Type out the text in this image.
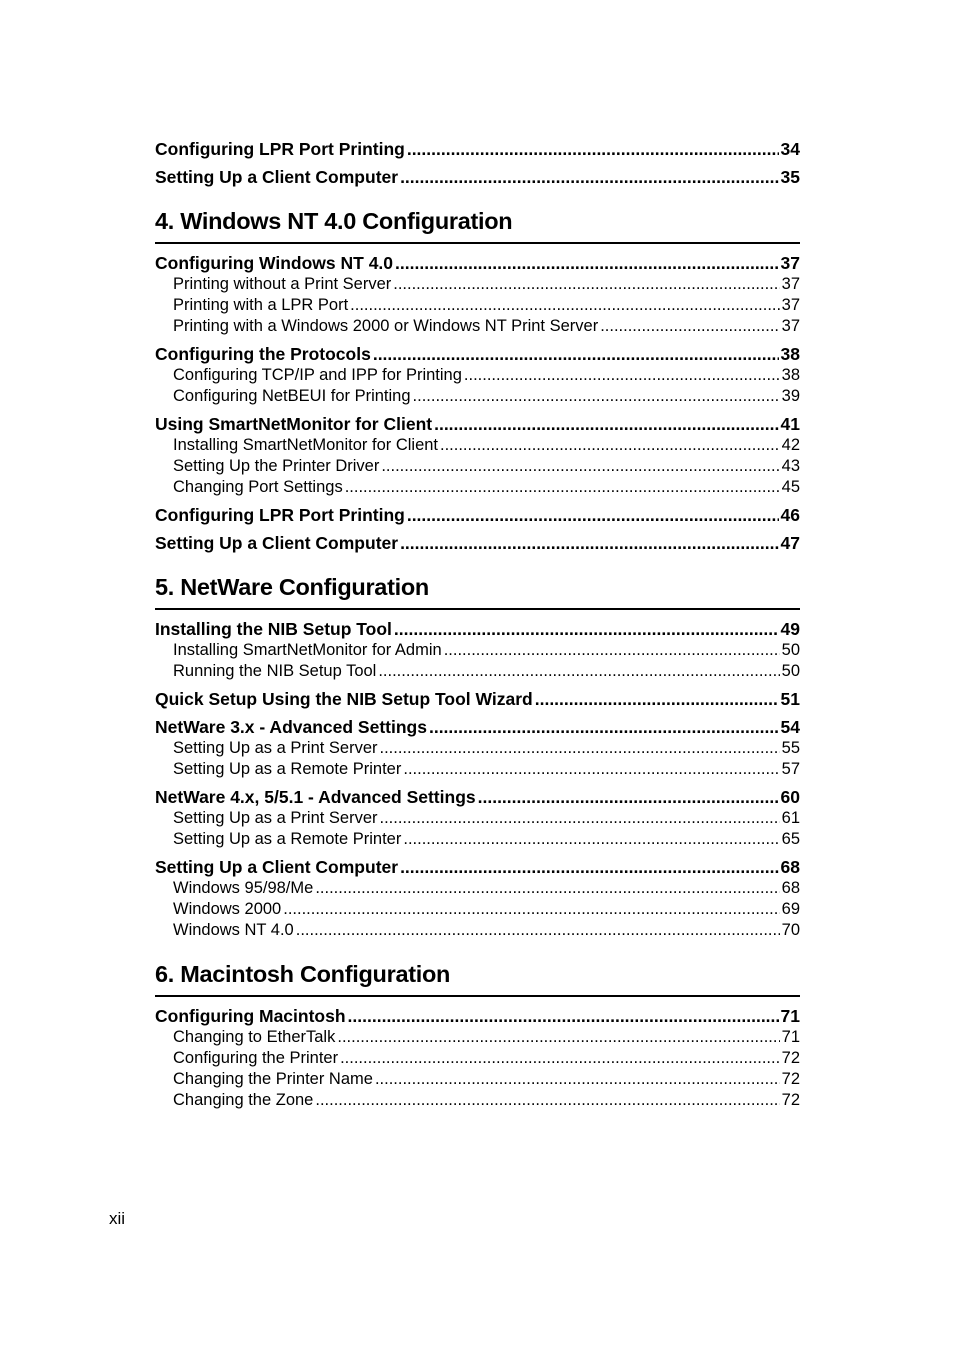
Configuring LPR Port Printing .....	34
Setting Up a Client Computer .....	35
4. Windows NT 4.0 Configuration
Configuring Windows NT 4.0 .....	37
Printing without a Print Server .....	37
Printing with a LPR Port .....	37
Printing with a Windows 2000 or Windows NT Print Server .....	37
Configuring the Protocols .....	38
Configuring TCP/IP and IPP for Printing .....	38
Configuring NetBEUI for Printing .....	39
Using SmartNetMonitor for Client .....	41
Installing SmartNetMonitor for Client .....	42
Setting Up the Printer Driver .....	43
Changing Port Settings .....	45
Configuring LPR Port Printing .....	46
Setting Up a Client Computer .....	47
5. NetWare Configuration
Installing the NIB Setup Tool .....	49
Installing SmartNetMonitor for Admin .....	50
Running the NIB Setup Tool .....	50
Quick Setup Using the NIB Setup Tool Wizard .....	51
NetWare 3.x - Advanced Settings .....	54
Setting Up as a Print Server .....	55
Setting Up as a Remote Printer .....	57
NetWare 4.x, 5/5.1 - Advanced Settings .....	60
Setting Up as a Print Server .....	61
Setting Up as a Remote Printer .....	65
Setting Up a Client Computer .....	68
Windows 95/98/Me .....	68
Windows 2000 .....	69
Windows NT 4.0 .....	70
6. Macintosh Configuration
Configuring Macintosh .....	71
Changing to EtherTalk .....	71
Configuring the Printer .....	72
Changing the Printer Name .....	72
Changing the Zone .....	72
xii
